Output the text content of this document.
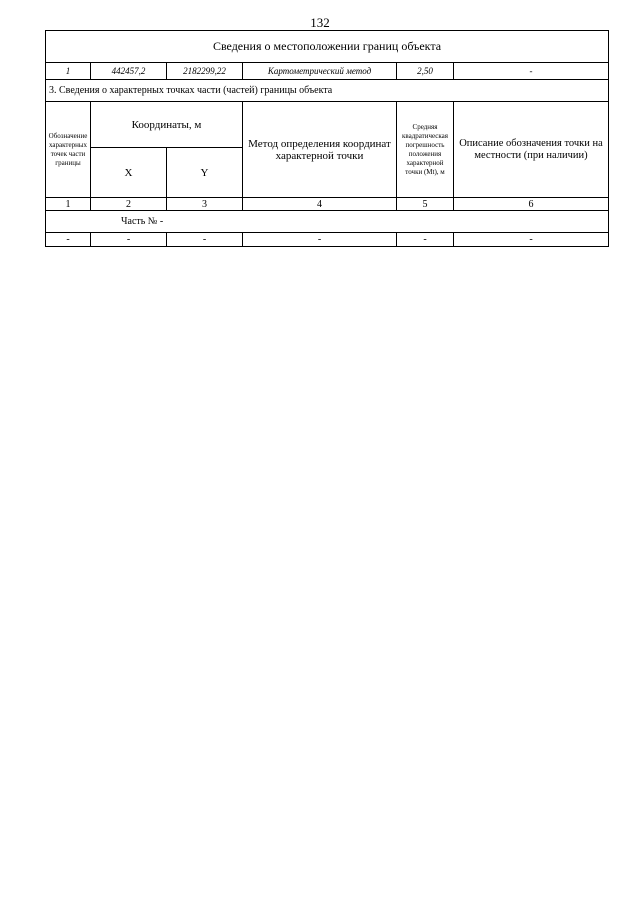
132
Сведения о местоположении границ объекта					
1	442457,2	2182299,22	Картометрический метод	2,50	-
3. Сведения о характерных точках части (частей) границы объекта					
Обозначение характерных точек части границы	Координаты, м		Метод определения координат характерной точки	Средняя квадратическая погрешность положения характерной точки (Mt), м	Описание обозначения точки на местности (при наличии)
	X	Y			
1	2	3	4	5	6
Часть № -					
-	-	-	-	-	-
